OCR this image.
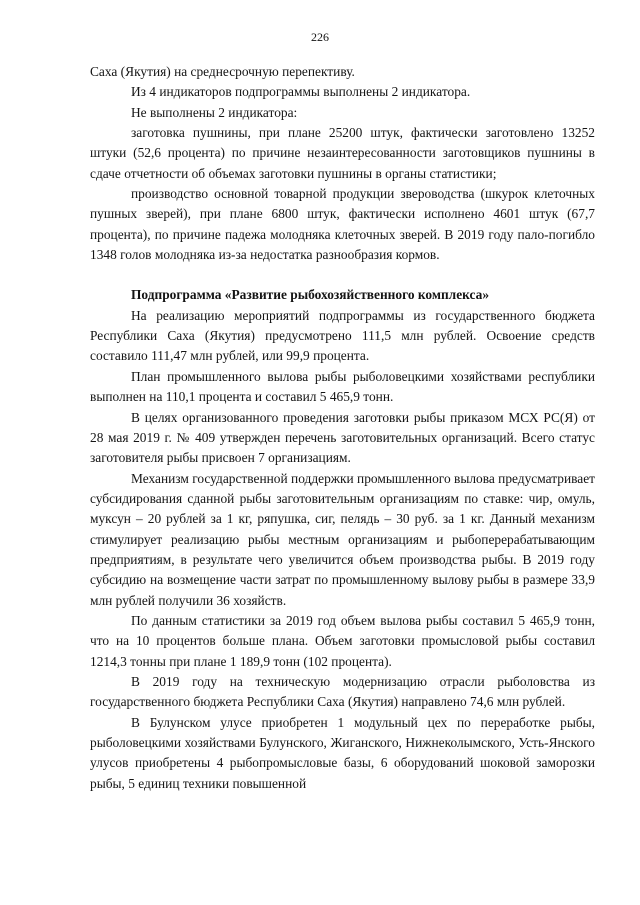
226

Саха (Якутия) на среднесрочную перепективу.

Из 4 индикаторов подпрограммы выполнены 2 индикатора.

Не выполнены 2 индикатора:

заготовка пушнины, при плане 25200 штук, фактически заготовлено 13252 штуки (52,6 процента) по причине незаинтересованности заготовщиков пушнины в сдаче отчетности об объемах заготовки пушнины в органы статистики;

производство основной товарной продукции звероводства (шкурок клеточных пушных зверей), при плане 6800 штук, фактически исполнено 4601 штук (67,7 процента), по причине падежа молодняка клеточных зверей. В 2019 году пало-погибло 1348 голов молодняка из-за недостатка разнообразия кормов.

Подпрограмма «Развитие рыбохозяйственного комплекса»

На реализацию мероприятий подпрограммы из государственного бюджета Республики Саха (Якутия) предусмотрено 111,5 млн рублей. Освоение средств составило 111,47 млн рублей, или 99,9 процента.

План промышленного вылова рыбы рыболовецкими хозяйствами республики выполнен на 110,1 процента и составил 5 465,9 тонн.

В целях организованного проведения заготовки рыбы приказом МСХ РС(Я) от 28 мая 2019 г. № 409 утвержден перечень заготовительных организаций. Всего статус заготовителя рыбы присвоен 7 организациям.

Механизм государственной поддержки промышленного вылова предусматривает субсидирования сданной рыбы заготовительным организациям по ставке: чир, омуль, муксун – 20 рублей за 1 кг, ряпушка, сиг, пелядь – 30 руб. за 1 кг. Данный механизм стимулирует реализацию рыбы местным организациям и рыбоперерабатывающим предприятиям, в результате чего увеличится объем производства рыбы. В 2019 году субсидию на возмещение части затрат по промышленному вылову рыбы в размере 33,9 млн рублей получили 36 хозяйств.

По данным статистики за 2019 год объем вылова рыбы составил 5 465,9 тонн, что на 10 процентов больше плана. Объем заготовки промысловой рыбы составил 1214,3 тонны при плане 1 189,9 тонн (102 процента).

В 2019 году на техническую модернизацию отрасли рыболовства из государственного бюджета Республики Саха (Якутия) направлено 74,6 млн рублей.

В Булунском улусе приобретен 1 модульный цех по переработке рыбы, рыболовецкими хозяйствами Булунского, Жиганского, Нижнеколымского, Усть-Янского улусов приобретены 4 рыбопромысловые базы, 6 оборудований шоковой заморозки рыбы, 5 единиц техники повышенной
